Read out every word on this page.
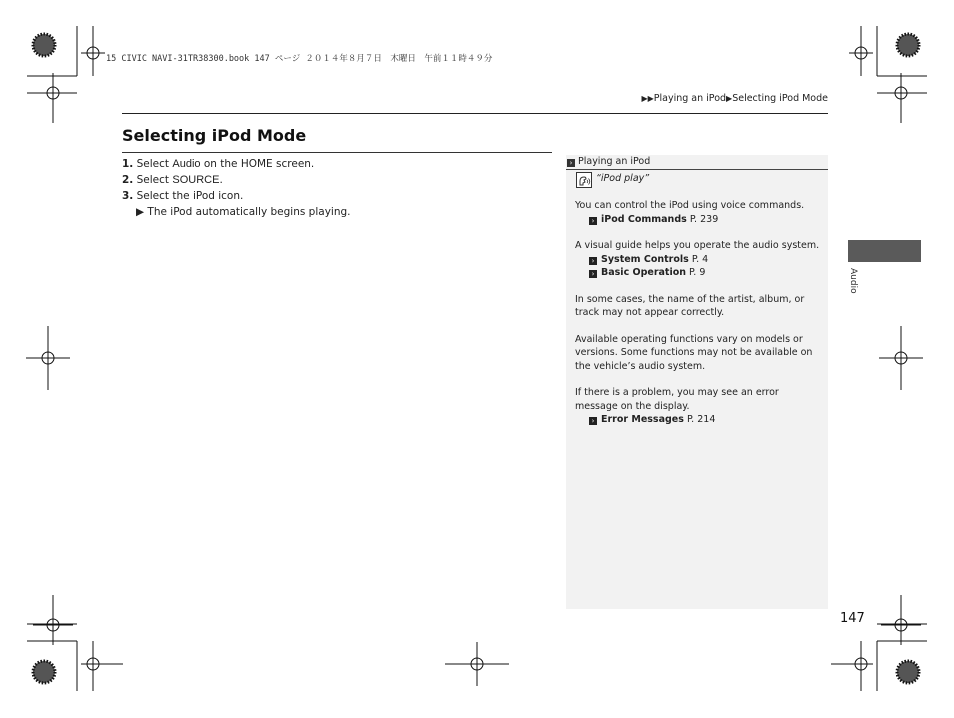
15 CIVIC NAVI-31TR38300.book 147 ページ ２０１４年８月７日　木曜日　午前１１時４９分
▶▶Playing an iPod▶Selecting iPod Mode
Selecting iPod Mode
1. Select Audio on the HOME screen.
2. Select SOURCE.
3. Select the iPod icon.
▶ The iPod automatically begins playing.
› Playing an iPod
“iPod play”

You can control the iPod using voice commands.
› iPod Commands P. 239

A visual guide helps you operate the audio system.
› System Controls P. 4
› Basic Operation P. 9

In some cases, the name of the artist, album, or track may not appear correctly.

Available operating functions vary on models or versions. Some functions may not be available on the vehicle’s audio system.

If there is a problem, you may see an error message on the display.
› Error Messages P. 214

Audio
147
